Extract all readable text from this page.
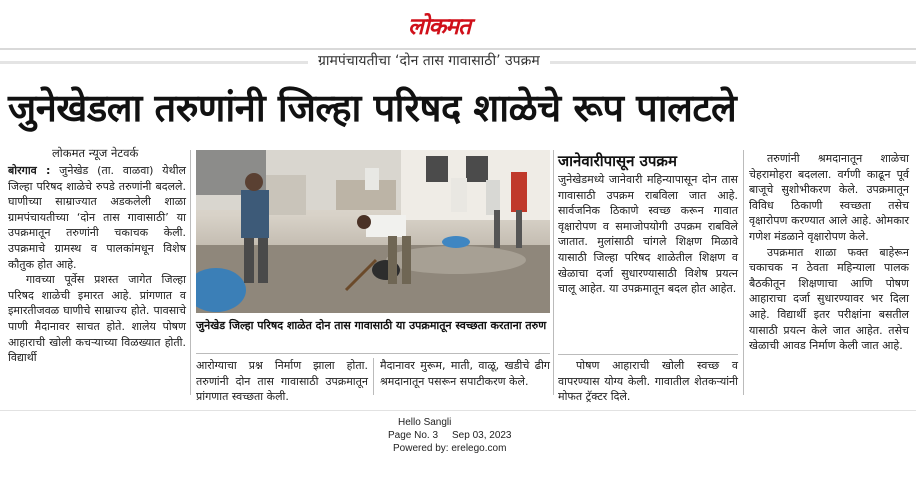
लोकमत
ग्रामपंचायतीचा ‘दोन तास गावासाठी’ उपक्रम
जुनेखेडला तरुणांनी जिल्हा परिषद शाळेचे रूप पालटले
लोकमत न्यूज नेटवर्क

बोरगाव : जुनेखेड (ता. वाळवा) येथील जिल्हा परिषद शाळेचे रुपडे तरुणांनी बदलले. घाणीच्या साम्राज्यात अडकलेली शाळा ग्रामपंचायतीच्या ‘दोन तास गावासाठी’ या उपक्रमातून तरुणांनी चकाचक केली. उपक्रमाचे ग्रामस्थ व पालकांमधून विशेष कौतुक होत आहे.

गावच्या पूर्वेस प्रशस्त जागेत जिल्हा परिषद शाळेची इमारत आहे. प्रांगणात व इमारतीजवळ घाणीचे साम्राज्य होते. पावसाचे पाणी मैदानावर साचत होते. शालेय पोषण आहाराची खोली कचऱ्याच्या विळख्यात होती. विद्यार्थी

जुनेखेड जिल्हा परिषद शाळेत दोन तास गावासाठी या उपक्रमातून स्वच्छता करताना तरुण

आरोग्याचा प्रश्न निर्माण झाला होता. तरुणांनी दोन तास गावासाठी उपक्रमातून प्रांगणात स्वच्छता केली.

मैदानावर मुरूम, माती, वाळू, खडीचे ढीग श्रमदानातून पसरून सपाटीकरण केले.

जानेवारीपासून उपक्रम

जुनेखेडमध्ये जानेवारी महिन्यापासून दोन तास गावासाठी उपक्रम राबविला जात आहे. सार्वजनिक ठिकाणे स्वच्छ करून गावात वृक्षारोपण व समाजोपयोगी उपक्रम राबविले जातात. मुलांसाठी चांगले शिक्षण मिळावे यासाठी जिल्हा परिषद शाळेतील शिक्षण व खेळाचा दर्जा सुधारण्यासाठी विशेष प्रयत्न चालू आहेत. या उपक्रमातून बदल होत आहेत.

पोषण आहाराची खोली स्वच्छ व वापरण्यास योग्य केली. गावातील शेतकऱ्यांनी मोफत ट्रॅक्टर दिले.

तरुणांनी श्रमदानातून शाळेचा चेहरामोहरा बदलला. वर्गणी काढून पूर्व बाजूचे सुशोभीकरण केले. उपक्रमातून विविध ठिकाणी स्वच्छता तसेच वृक्षारोपण करण्यात आले आहे. ओमकार गणेश मंडळाने वृक्षारोपण केले.

उपक्रमात शाळा फक्त बाहेरून चकाचक न ठेवता महिन्याला पालक बैठकीतून शिक्षणाचा आणि पोषण आहाराचा दर्जा सुधारण्यावर भर दिला आहे. विद्यार्थी इतर परीक्षांना बसतील यासाठी प्रयत्न केले जात आहेत. तसेच खेळाची आवड निर्माण केली जात आहे.

Hello Sangli
Page No. 3 Sep 03, 2023
Powered by: erelego.com
